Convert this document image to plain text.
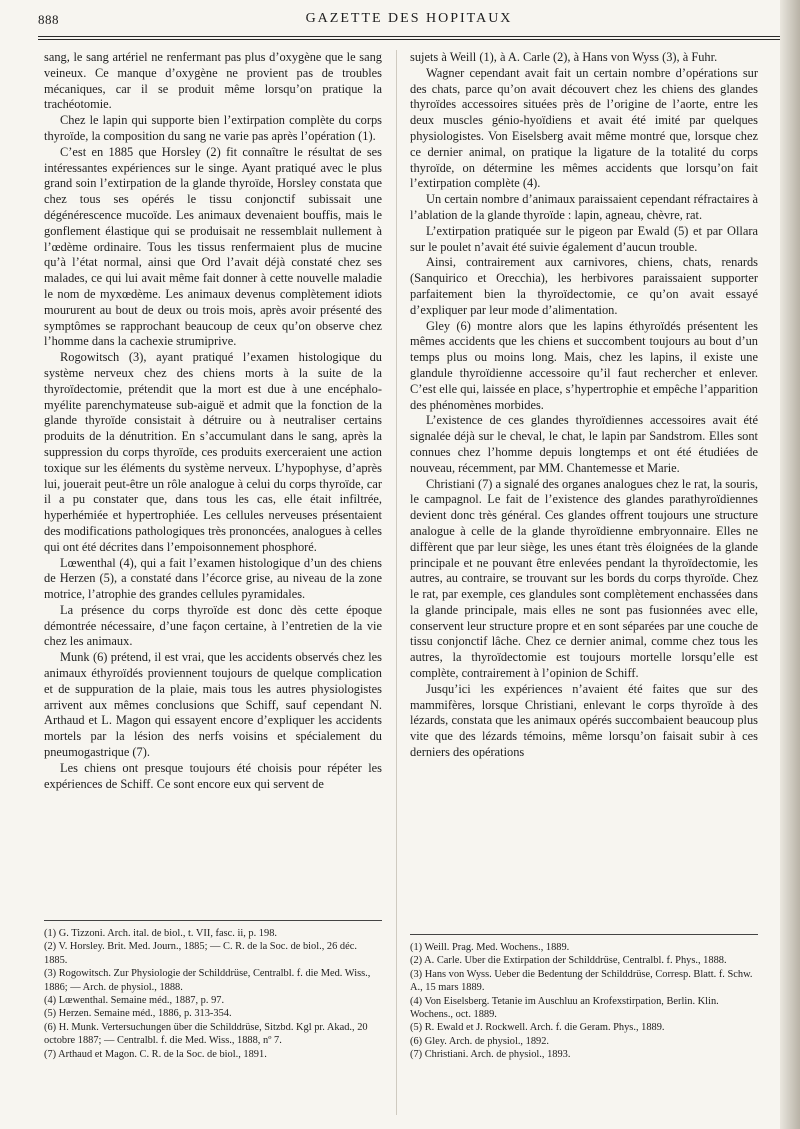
888	GAZETTE DES HOPITAUX

sang, le sang artériel ne renfermant pas plus d’oxygène que le sang veineux. Ce manque d’oxygène ne provient pas de troubles mécaniques, car il se produit même lorsqu’on pratique la trachéotomie.

Chez le lapin qui supporte bien l’extirpation complète du corps thyroïde, la composition du sang ne varie pas après l’opération (1).

C’est en 1885 que Horsley (2) fit connaître le résultat de ses intéressantes expériences sur le singe. Ayant pratiqué avec le plus grand soin l’extirpation de la glande thyroïde, Horsley constata que chez tous ses opérés le tissu conjonctif subissait une dégénérescence mucoïde. Les animaux devenaient bouffis, mais le gonflement élastique qui se produisait ne ressemblait nullement à l’œdème ordinaire. Tous les tissus renfermaient plus de mucine qu’à l’état normal, ainsi que Ord l’avait déjà constaté chez ses malades, ce qui lui avait même fait donner à cette nouvelle maladie le nom de myxœdème. Les animaux devenus complètement idiots moururent au bout de deux ou trois mois, après avoir présenté des symptômes se rapprochant beaucoup de ceux qu’on observe chez l’homme dans la cachexie strumiprive.

Rogowitsch (3), ayant pratiqué l’examen histologique du système nerveux chez des chiens morts à la suite de la thyroïdectomie, prétendit que la mort est due à une encéphalo-myélite parenchymateuse sub-aiguë et admit que la fonction de la glande thyroïde consistait à détruire ou à neutraliser certains produits de la dénutrition. En s’accumulant dans le sang, après la suppression du corps thyroïde, ces produits exerceraient une action toxique sur les éléments du système nerveux. L’hypophyse, d’après lui, jouerait peut-être un rôle analogue à celui du corps thyroïde, car il a pu constater que, dans tous les cas, elle était infiltrée, hyperhémiée et hypertrophiée. Les cellules nerveuses présentaient des modifications pathologiques très prononcées, analogues à celles qui ont été décrites dans l’empoisonnement phosphoré.

Lœwenthal (4), qui a fait l’examen histologique d’un des chiens de Herzen (5), a constaté dans l’écorce grise, au niveau de la zone motrice, l’atrophie des grandes cellules pyramidales.

La présence du corps thyroïde est donc dès cette époque démontrée nécessaire, d’une façon certaine, à l’entretien de la vie chez les animaux.

Munk (6) prétend, il est vrai, que les accidents observés chez les animaux éthyroïdés proviennent toujours de quelque complication et de suppuration de la plaie, mais tous les autres physiologistes arrivent aux mêmes conclusions que Schiff, sauf cependant N. Arthaud et L. Magon qui essayent encore d’expliquer les accidents mortels par la lésion des nerfs voisins et spécialement du pneumogastrique (7).

Les chiens ont presque toujours été choisis pour répéter les expériences de Schiff. Ce sont encore eux qui servent de

sujets à Weill (1), à A. Carle (2), à Hans von Wyss (3), à Fuhr.

Wagner cependant avait fait un certain nombre d’opérations sur des chats, parce qu’on avait découvert chez les chiens des glandes thyroïdes accessoires situées près de l’origine de l’aorte, entre les deux muscles génio-hyoïdiens et avait été imité par quelques physiologistes. Von Eiselsberg avait même montré que, lorsque chez ce dernier animal, on pratique la ligature de la totalité du corps thyroïde, on détermine les mêmes accidents que lorsqu’on fait l’extirpation complète (4).

Un certain nombre d’animaux paraissaient cependant réfractaires à l’ablation de la glande thyroïde : lapin, agneau, chèvre, rat.

L’extirpation pratiquée sur le pigeon par Ewald (5) et par Ollara sur le poulet n’avait été suivie également d’aucun trouble.

Ainsi, contrairement aux carnivores, chiens, chats, renards (Sanquirico et Orecchia), les herbivores paraissaient supporter parfaitement bien la thyroïdectomie, ce qu’on avait essayé d’expliquer par leur mode d’alimentation.

Gley (6) montre alors que les lapins éthyroïdés présentent les mêmes accidents que les chiens et succombent toujours au bout d’un temps plus ou moins long. Mais, chez les lapins, il existe une glandule thyroïdienne accessoire qu’il faut rechercher et enlever. C’est elle qui, laissée en place, s’hypertrophie et empêche l’apparition des phénomènes morbides.

L’existence de ces glandes thyroïdiennes accessoires avait été signalée déjà sur le cheval, le chat, le lapin par Sandstrom. Elles sont connues chez l’homme depuis longtemps et ont été étudiées de nouveau, récemment, par MM. Chantemesse et Marie.

Christiani (7) a signalé des organes analogues chez le rat, la souris, le campagnol. Le fait de l’existence des glandes parathyroïdiennes devient donc très général. Ces glandes offrent toujours une structure analogue à celle de la glande thyroïdienne embryonnaire. Elles ne diffèrent que par leur siège, les unes étant très éloignées de la glande principale et ne pouvant être enlevées pendant la thyroïdectomie, les autres, au contraire, se trouvant sur les bords du corps thyroïde. Chez le rat, par exemple, ces glandules sont complètement enchassées dans la glande principale, mais elles ne sont pas fusionnées avec elle, conservent leur structure propre et en sont séparées par une couche de tissu conjonctif lâche. Chez ce dernier animal, comme chez tous les autres, la thyroïdectomie est toujours mortelle lorsqu’elle est complète, contrairement à l’opinion de Schiff.

Jusqu’ici les expériences n’avaient été faites que sur des mammifères, lorsque Christiani, enlevant le corps thyroïde à des lézards, constata que les animaux opérés succombaient beaucoup plus vite que des lézards témoins, même lorsqu’on faisait subir à ces derniers des opérations

(1) G. Tizzoni. Arch. ital. de biol., t. VII, fasc. ii, p. 198.
(2) V. Horsley. Brit. Med. Journ., 1885; — C. R. de la Soc. de biol., 26 déc. 1885.
(3) Rogowitsch. Zur Physiologie der Schilddrüse, Centralbl. f. die Med. Wiss., 1886; — Arch. de physiol., 1888.
(4) Lœwenthal. Semaine méd., 1887, p. 97.
(5) Herzen. Semaine méd., 1886, p. 313-354.
(6) H. Munk. Vertersuchungen über die Schilddrüse, Sitzbd. Kgl pr. Akad., 20 octobre 1887; — Centralbl. f. die Med. Wiss., 1888, nº 7.
(7) Arthaud et Magon. C. R. de la Soc. de biol., 1891.
(1) Weill. Prag. Med. Wochens., 1889.
(2) A. Carle. Uber die Extirpation der Schilddrüse, Centralbl. f. Phys., 1888.
(3) Hans von Wyss. Ueber die Bedentung der Schilddrüse, Corresp. Blatt. f. Schw. A., 15 mars 1889.
(4) Von Eiselsberg. Tetanie im Auschluu an Krofexstirpation, Berlin. Klin. Wochens., oct. 1889.
(5) R. Ewald et J. Rockwell. Arch. f. die Geram. Phys., 1889.
(6) Gley. Arch. de physiol., 1892.
(7) Christiani. Arch. de physiol., 1893.
